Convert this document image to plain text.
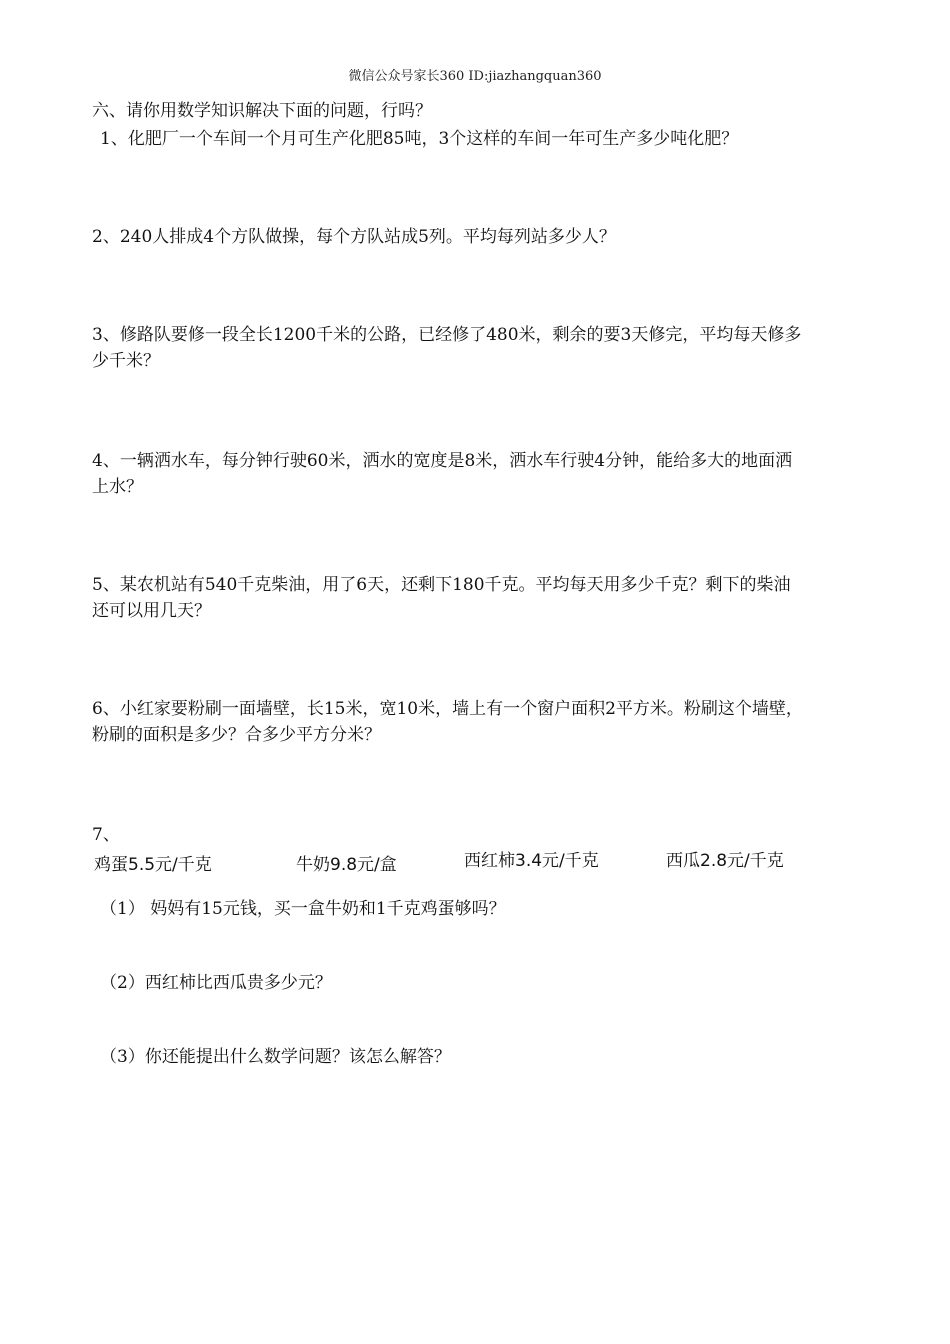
微信公众号家长360 ID:jiazhangquan360
六、请你用数学知识解决下面的问题，行吗？
1、化肥厂一个车间一个月可生产化肥85吨，3个这样的车间一年可生产多少吨化肥？
2、240人排成4个方队做操，每个方队站成5列。平均每列站多少人？
3、修路队要修一段全长1200千米的公路，已经修了480米，剩余的要3天修完，平均每天修多
少千米？
4、一辆洒水车，每分钟行驶60米，洒水的宽度是8米，洒水车行驶4分钟，能给多大的地面洒
上水？
5、某农机站有540千克柴油，用了6天，还剩下180千克。平均每天用多少千克？剩下的柴油
还可以用几天？
6、小红家要粉刷一面墙壁，长15米，宽10米，墙上有一个窗户面积2平方米。粉刷这个墙壁，
粉刷的面积是多少？合多少平方分米？
7、
鸡蛋5.5元/千克	牛奶9.8元/盒	西红柿3.4元/千克	西瓜2.8元/千克
（1） 妈妈有15元钱，买一盒牛奶和1千克鸡蛋够吗？
（2）西红柿比西瓜贵多少元？
（3）你还能提出什么数学问题？该怎么解答？
